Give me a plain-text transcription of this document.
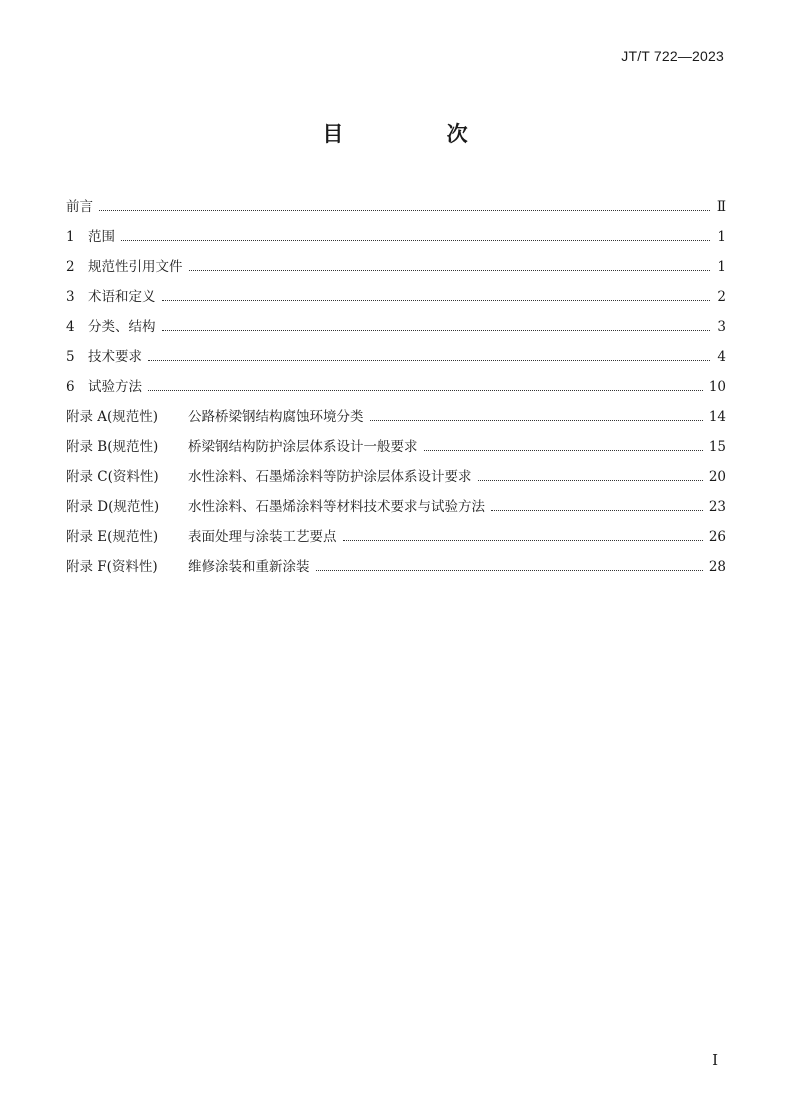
JT/T 722—2023
目 次
前言	Ⅱ
1 范围	1
2 规范性引用文件	1
3 术语和定义	2
4 分类、结构	3
5 技术要求	4
6 试验方法	10
附录 A(规范性) 公路桥梁钢结构腐蚀环境分类	14
附录 B(规范性) 桥梁钢结构防护涂层体系设计一般要求	15
附录 C(资料性) 水性涂料、石墨烯涂料等防护涂层体系设计要求	20
附录 D(规范性) 水性涂料、石墨烯涂料等材料技术要求与试验方法	23
附录 E(规范性) 表面处理与涂装工艺要点	26
附录 F(资料性) 维修涂装和重新涂装	28
Ⅰ
